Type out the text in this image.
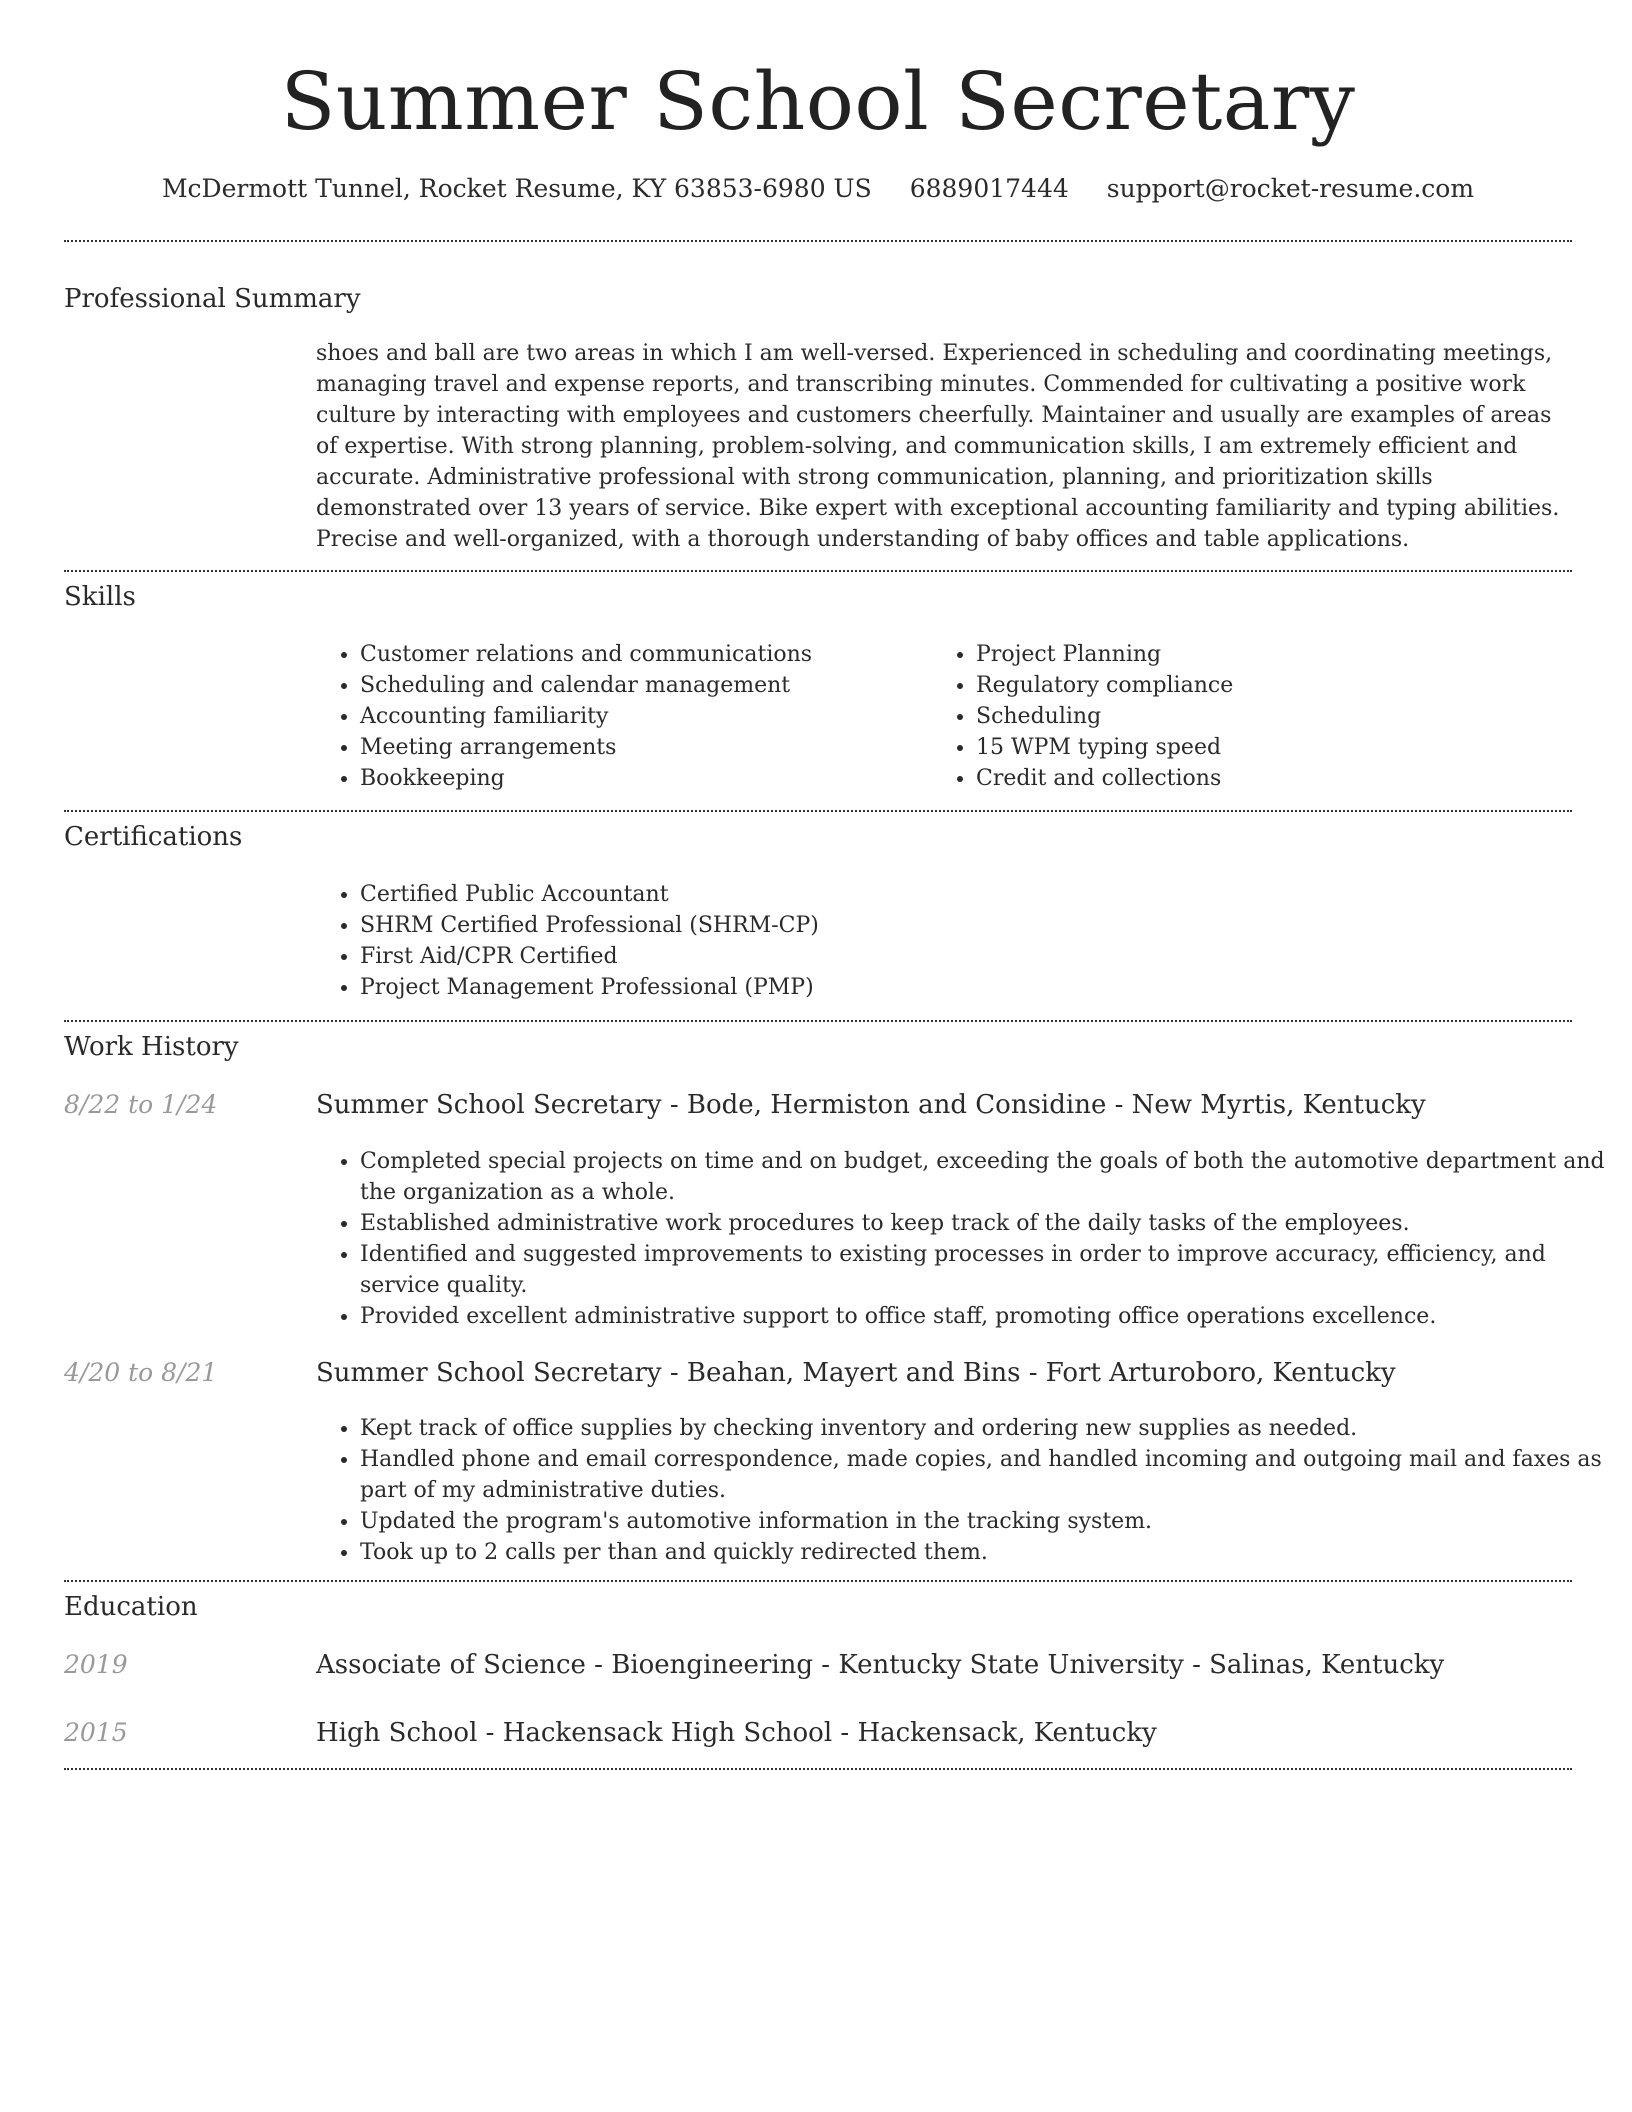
Summer School Secretary
McDermott Tunnel, Rocket Resume, KY 63853-6980 US 6889017444 support@rocket-resume.com
Professional Summary

shoes and ball are two areas in which I am well-versed. Experienced in scheduling and coordinating meetings, managing travel and expense reports, and transcribing minutes. Commended for cultivating a positive work culture by interacting with employees and customers cheerfully. Maintainer and usually are examples of areas of expertise. With strong planning, problem-solving, and communication skills, I am extremely efficient and accurate. Administrative professional with strong communication, planning, and prioritization skills demonstrated over 13 years of service. Bike expert with exceptional accounting familiarity and typing abilities. Precise and well-organized, with a thorough understanding of baby offices and table applications.

Skills
• Customer relations and communications
• Scheduling and calendar management
• Accounting familiarity
• Meeting arrangements
• Bookkeeping
• Project Planning
• Regulatory compliance
• Scheduling
• 15 WPM typing speed
• Credit and collections
Certifications
• Certified Public Accountant
• SHRM Certified Professional (SHRM-CP)
• First Aid/CPR Certified
• Project Management Professional (PMP)
Work History
8/22 to 1/24	Summer School Secretary - Bode, Hermiston and Considine - New Myrtis, Kentucky
• Completed special projects on time and on budget, exceeding the goals of both the automotive department and the organization as a whole.
• Established administrative work procedures to keep track of the daily tasks of the employees.
• Identified and suggested improvements to existing processes in order to improve accuracy, efficiency, and service quality.
• Provided excellent administrative support to office staff, promoting office operations excellence.
4/20 to 8/21	Summer School Secretary - Beahan, Mayert and Bins - Fort Arturoboro, Kentucky
• Kept track of office supplies by checking inventory and ordering new supplies as needed.
• Handled phone and email correspondence, made copies, and handled incoming and outgoing mail and faxes as part of my administrative duties.
• Updated the program's automotive information in the tracking system.
• Took up to 2 calls per than and quickly redirected them.
Education
2019	Associate of Science - Bioengineering - Kentucky State University - Salinas, Kentucky
2015	High School - Hackensack High School - Hackensack, Kentucky
